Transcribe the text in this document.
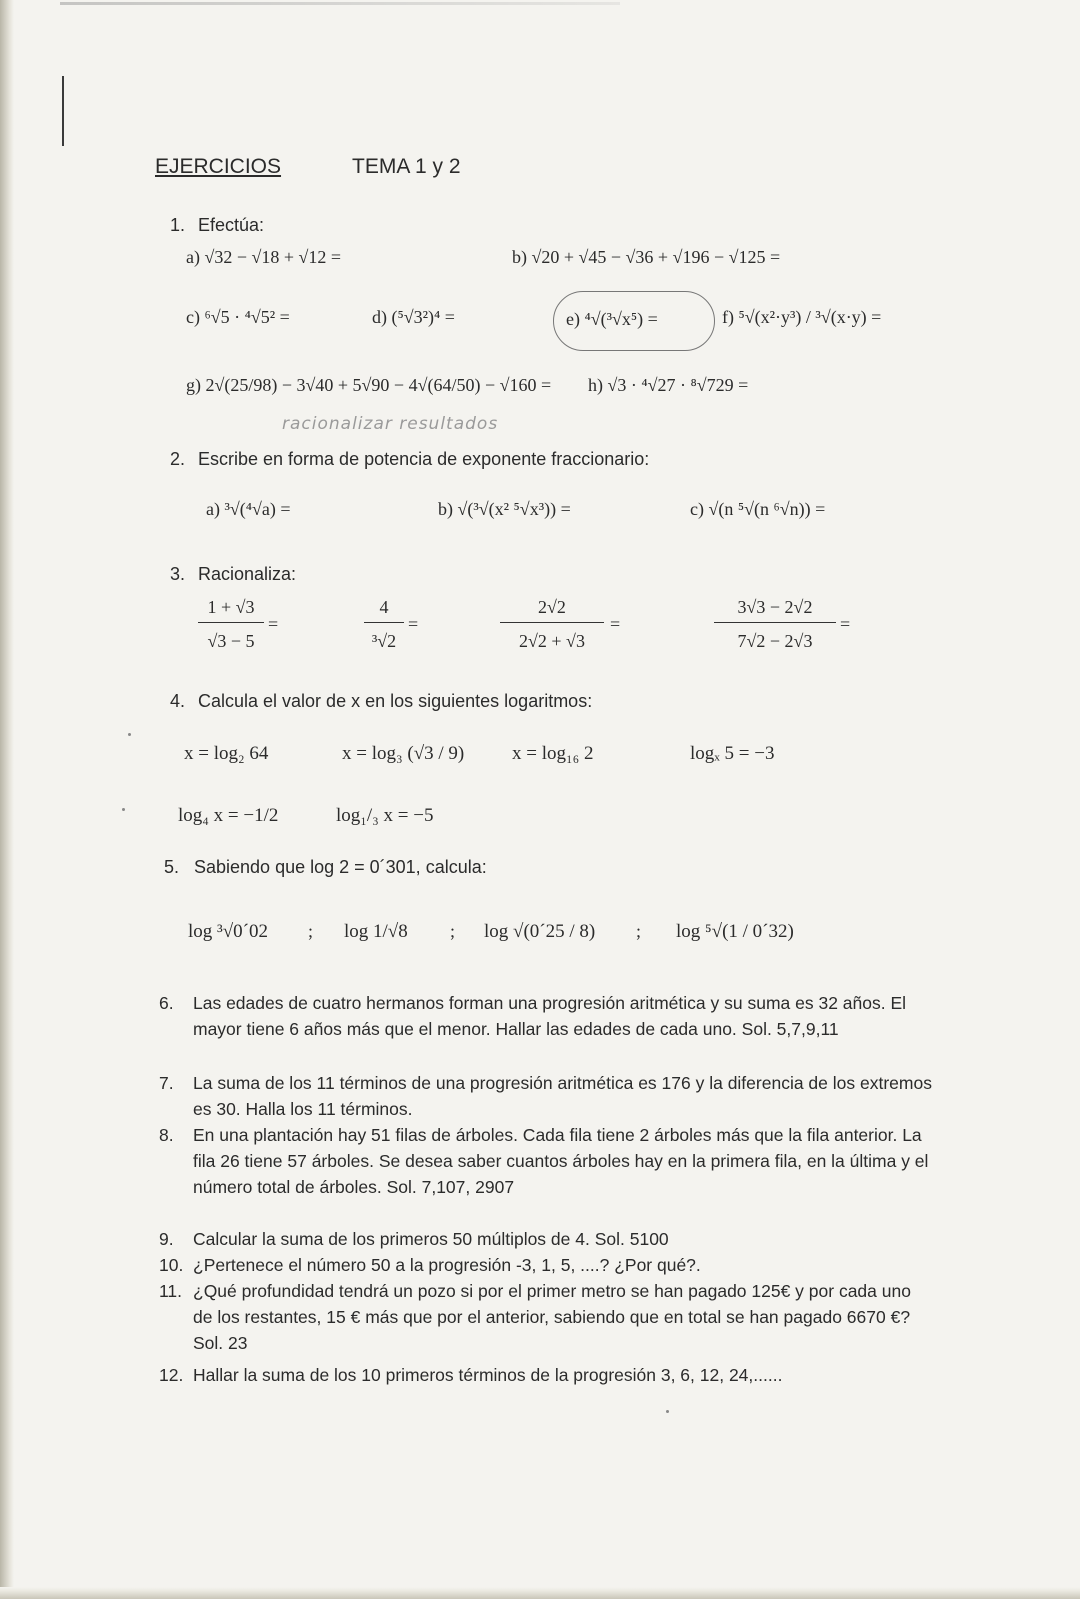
EJERCICIOS	TEMA 1 y 2
1. Efectúa:
a) √32 − √18 + √12 =	b) √20 + √45 − √36 + √196 − √125 =
c) ⁶√5 · ⁴√5² =	d) (⁵√3²)⁴ =	e) ⁴√(³√x⁵) =	f) ⁵√(x²·y³) / ³√(x·y) =
g) 2√(25/98) − 3√40 + 5√90 − 4√(64/50) − √160 = h) √3 · ⁴√27 · ⁸√729 =
racionalizar resultados
2. Escribe en forma de potencia de exponente fraccionario:
a) ³√(⁴√a) =	b) √(³√(x² ⁵√x³)) =	c) √(n ⁵√(n ⁶√n)) =
3. Racionaliza:
1 + √3
√3 − 5
=
4
³√2
=
2√2
2√2 + √3
=
3√3 − 2√2
7√2 − 2√3
=
4. Calcula el valor de x en los siguientes logaritmos:
x = log₂ 64	x = log₃ (√3 / 9)	x = log₁₆ 2	logₓ 5 = −3
log₄ x = −1/2	log₁/₃ x = −5
5. Sabiendo que log 2 = 0´301, calcula:
log ³√0´02 ; log 1/√8 ; log √(0´25 / 8) ; log ⁵√(1 / 0´32)
6. Las edades de cuatro hermanos forman una progresión aritmética y su suma es 32 años. El mayor tiene 6 años más que el menor. Hallar las edades de cada uno. Sol. 5,7,9,11
7. La suma de los 11 términos de una progresión aritmética es 176 y la diferencia de los extremos es 30. Halla los 11 términos.
8. En una plantación hay 51 filas de árboles. Cada fila tiene 2 árboles más que la fila anterior. La fila 26 tiene 57 árboles. Se desea saber cuantos árboles hay en la primera fila, en la última y el número total de árboles. Sol. 7,107, 2907
9. Calcular la suma de los primeros 50 múltiplos de 4. Sol. 5100
10. ¿Pertenece el número 50 a la progresión -3, 1, 5, ....? ¿Por qué?.
11. ¿Qué profundidad tendrá un pozo si por el primer metro se han pagado 125€ y por cada uno de los restantes, 15 € más que por el anterior, sabiendo que en total se han pagado 6670 €? Sol. 23
12. Hallar la suma de los 10 primeros términos de la progresión 3, 6, 12, 24,......
